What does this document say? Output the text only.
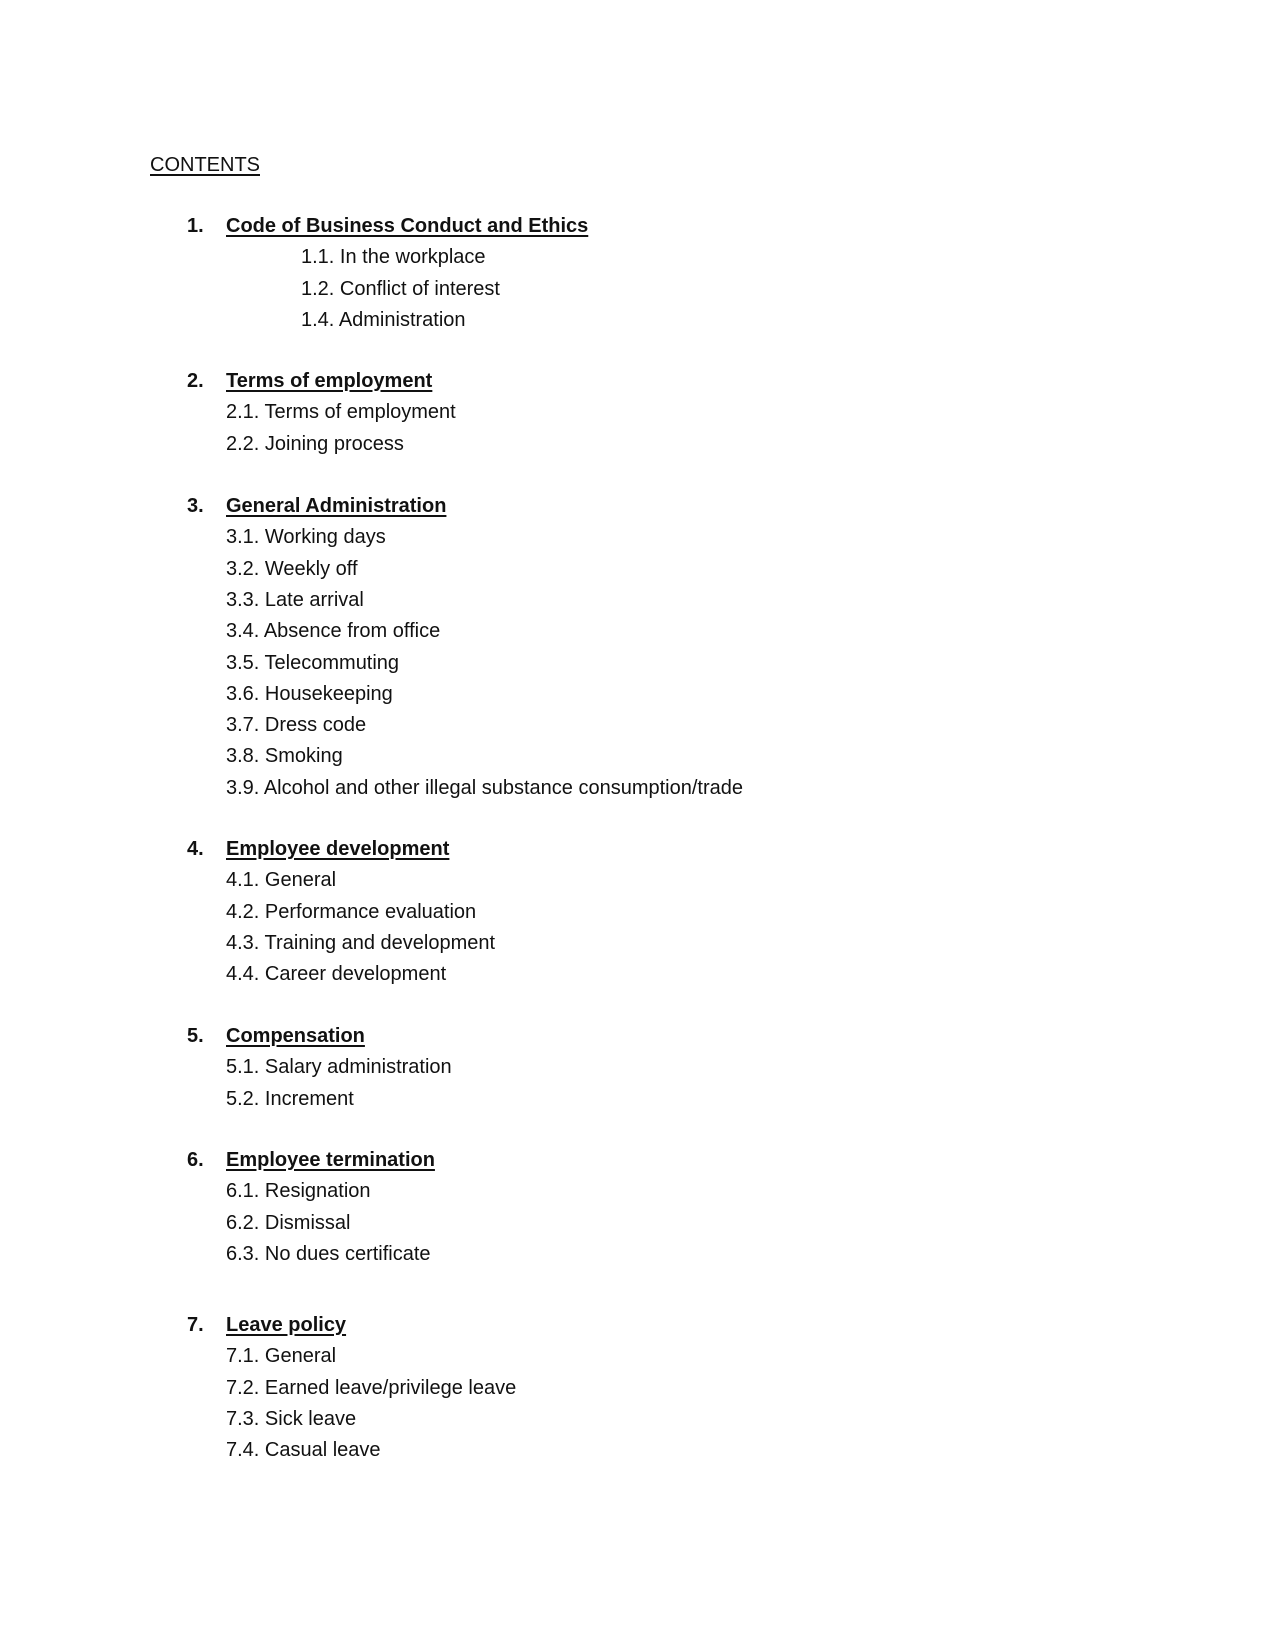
CONTENTS
1. Code of Business Conduct and Ethics
1.1. In the workplace
1.2. Conflict of interest
1.4. Administration
2. Terms of employment
2.1. Terms of employment
2.2. Joining process
3. General Administration
3.1. Working days
3.2. Weekly off
3.3. Late arrival
3.4. Absence from office
3.5. Telecommuting
3.6. Housekeeping
3.7. Dress code
3.8. Smoking
3.9. Alcohol and other illegal substance consumption/trade
4. Employee development
4.1. General
4.2. Performance evaluation
4.3. Training and development
4.4. Career development
5. Compensation
5.1. Salary administration
5.2. Increment
6. Employee termination
6.1. Resignation
6.2. Dismissal
6.3. No dues certificate
7. Leave policy
7.1. General
7.2. Earned leave/privilege leave
7.3. Sick leave
7.4. Casual leave
